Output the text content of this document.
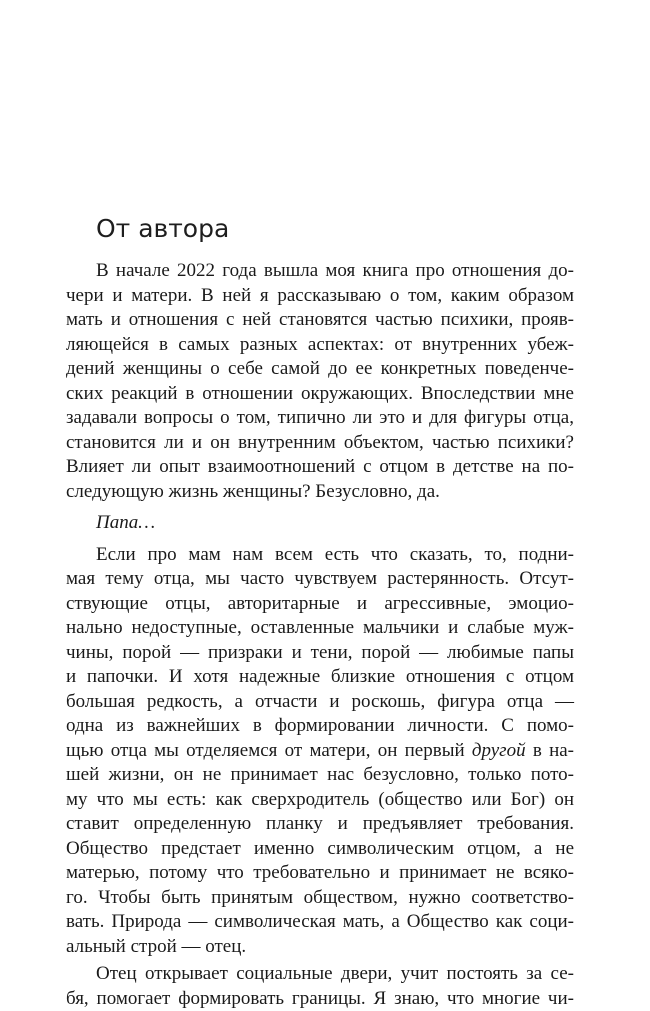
От автора
В начале 2022 года вышла моя книга про отношения до-
чери и матери. В ней я рассказываю о том, каким образом
мать и отношения с ней становятся частью психики, прояв-
ляющейся в самых разных аспектах: от внутренних убеж-
дений женщины о себе самой до ее конкретных поведенче-
ских реакций в отношении окружающих. Впоследствии мне
задавали вопросы о том, типично ли это и для фигуры отца,
становится ли и он внутренним объектом, частью психики?
Влияет ли опыт взаимоотношений с отцом в детстве на по-
следующую жизнь женщины? Безусловно, да.
Папа…
Если про мам нам всем есть что сказать, то, подни-
мая тему отца, мы часто чувствуем растерянность. Отсут-
ствующие отцы, авторитарные и агрессивные, эмоцио-
нально недоступные, оставленные мальчики и слабые муж-
чины, порой — призраки и тени, порой — любимые папы
и папочки. И хотя надежные близкие отношения с отцом
большая редкость, а отчасти и роскошь, фигура отца —
одна из важнейших в формировании личности. С помо-
щью отца мы отделяемся от матери, он первый другой в на-
шей жизни, он не принимает нас безусловно, только пото-
му что мы есть: как сверхродитель (общество или Бог) он
ставит определенную планку и предъявляет требования.
Общество предстает именно символическим отцом, а не
матерью, потому что требовательно и принимает не всяко-
го. Чтобы быть принятым обществом, нужно соответство-
вать. Природа — символическая мать, а Общество как соци-
альный строй — отец.
Отец открывает социальные двери, учит постоять за се-
бя, помогает формировать границы. Я знаю, что многие чи-
